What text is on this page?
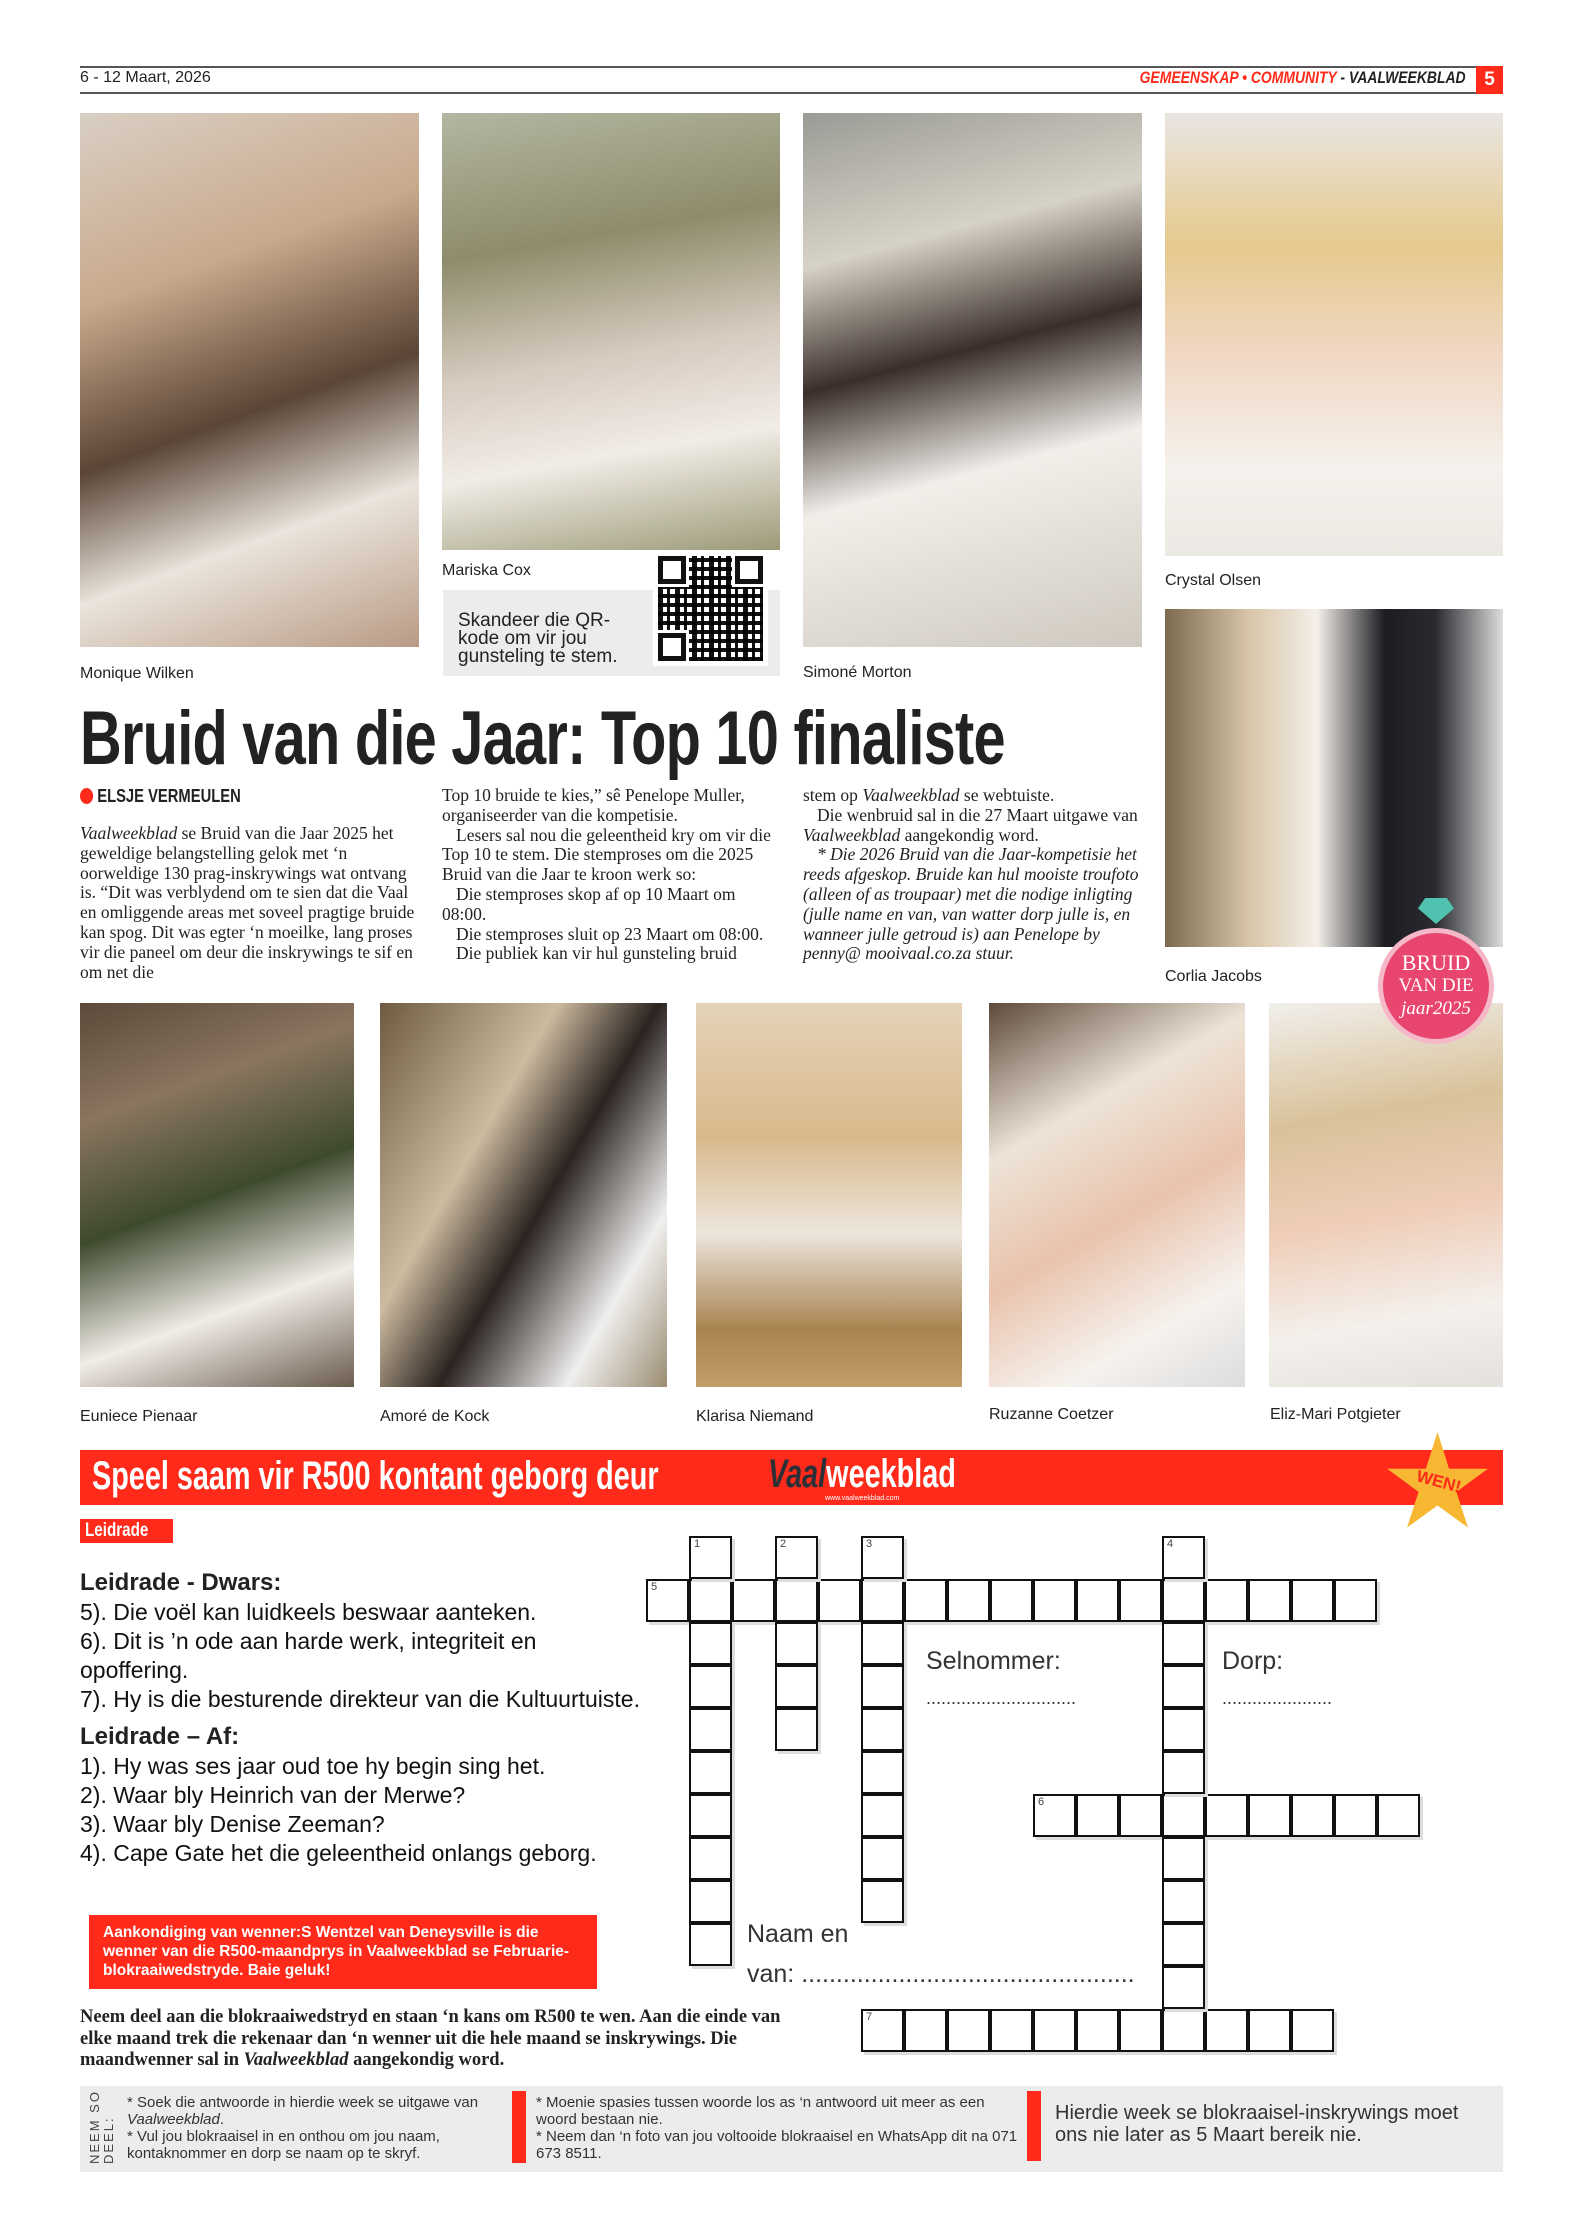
6 - 12 Maart, 2026	GEMEENSKAP • COMMUNITY - VAALWEEKBLAD 5
Monique Wilken
Mariska Cox
Skandeer die QR-kode om vir jou gunsteling te stem.
Simoné Morton
Crystal Olsen
Corlia Jacobs
Bruid van die Jaar: Top 10 finaliste
ELSJE VERMEULEN
Vaalweekblad se Bruid van die Jaar 2025 het geweldige belangstelling gelok met ‘n oorweldige 130 prag-inskrywings wat ontvang is. “Dit was verblydend om te sien dat die Vaal en omliggende areas met soveel pragtige bruide kan spog. Dit was egter ‘n moeilke, lang proses vir die paneel om deur die inskrywings te sif en om net die

Top 10 bruide te kies,” sê Penelope Muller, organiseerder van die kompetisie.

Lesers sal nou die geleentheid kry om vir die Top 10 te stem. Die stemproses om die 2025 Bruid van die Jaar te kroon werk so:

Die stemproses skop af op 10 Maart om 08:00.

Die stemproses sluit op 23 Maart om 08:00.

Die publiek kan vir hul gunsteling bruid

stem op Vaalweekblad se webtuiste.

Die wenbruid sal in die 27 Maart uitgawe van Vaalweekblad aangekondig word.

* Die 2026 Bruid van die Jaar-kompetisie het reeds afgeskop. Bruide kan hul mooiste troufoto (alleen of as troupaar) met die nodige inligting (julle name en van, van watter dorp julle is, en wanneer julle getroud is) aan Penelope by penny@ mooivaal.co.za stuur.

Euniece Pienaar	Amoré de Kock	Klarisa Niemand	Ruzanne Coetzer	Eliz-Mari Potgieter
BRUID
VAN DIE
jaar2025
Speel saam vir R500 kontant geborg deur	Vaalweekblad
www.vaalweekblad.com
WEN!
Leidrade
Leidrade - Dwars:
5). Die voël kan luidkeels beswaar aanteken.
6). Dit is ’n ode aan harde werk, integriteit en opoffering.
7). Hy is die besturende direkteur van die Kultuurtuiste.
Leidrade – Af:
1). Hy was ses jaar oud toe hy begin sing het.
2). Waar bly Heinrich van der Merwe?
3). Waar bly Denise Zeeman?
4). Cape Gate het die geleentheid onlangs geborg.
Aankondiging van wenner:S Wentzel van Deneysville is die wenner van die R500-maandprys in Vaalweekblad se Februarie-blokraaiwedstryde. Baie geluk!
Neem deel aan die blokraaiwedstryd en staan ‘n kans om R500 te wen. Aan die einde van elke maand trek die rekenaar dan ‘n wenner uit die hele maand se inskrywings. Die maandwenner sal in Vaalweekblad aangekondig word.
5
6
7
1	2	3	4
Selnommer:
..............................
Dorp:
......................
Naam en
van: ................................................
NEEM SO DEEL:
* Soek die antwoorde in hierdie week se uitgawe van Vaalweekblad.
* Vul jou blokraaisel in en onthou om jou naam, kontaknommer en dorp se naam op te skryf.
* Moenie spasies tussen woorde los as ‘n antwoord uit meer as een woord bestaan nie.
* Neem dan ‘n foto van jou voltooide blokraaisel en WhatsApp dit na 071 673 8511.
Hierdie week se blokraaisel-inskrywings moet ons nie later as 5 Maart bereik nie.
